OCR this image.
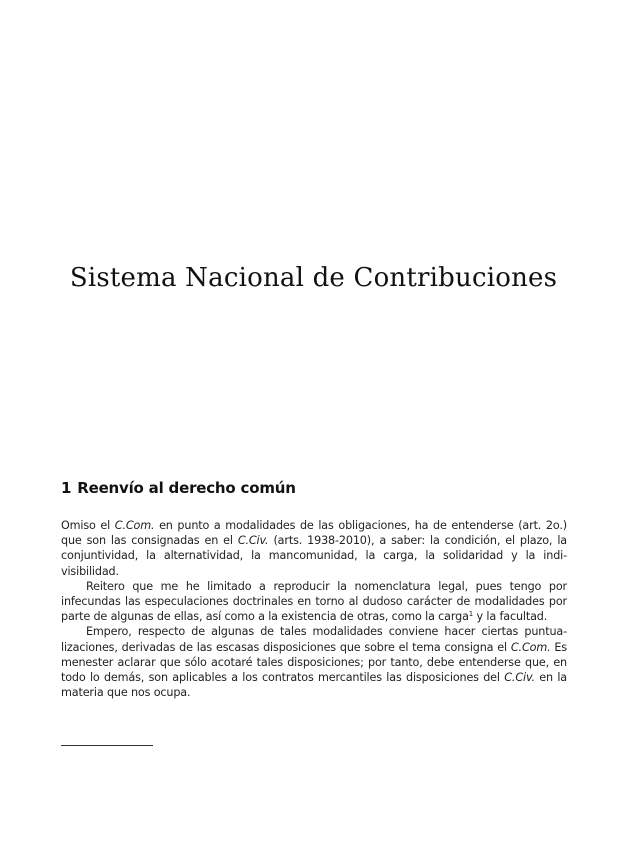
Sistema Nacional de Contribuciones
1 Reenvío al derecho común

Omiso el C.Com. en punto a modalidades de las obligaciones, ha de entenderse (art. 2o.) que son las consignadas en el C.Civ. (arts. 1938-2010), a saber: la condición, el plazo, la conjuntividad, la alternatividad, la mancomunidad, la carga, la solidaridad y la indi-visibilidad.

Reitero que me he limitado a reproducir la nomenclatura legal, pues tengo por infecundas las especulaciones doctrinales en torno al dudoso carácter de modalidades por parte de algunas de ellas, así como a la existencia de otras, como la carga$^1$ y la facultad.

Empero, respecto de algunas de tales modalidades conviene hacer ciertas puntua-lizaciones, derivadas de las escasas disposiciones que sobre el tema consigna el C.Com. Es menester aclarar que sólo acotaré tales disposiciones; por tanto, debe entenderse que, en todo lo demás, son aplicables a los contratos mercantiles las disposiciones del C.Civ. en la materia que nos ocupa.
